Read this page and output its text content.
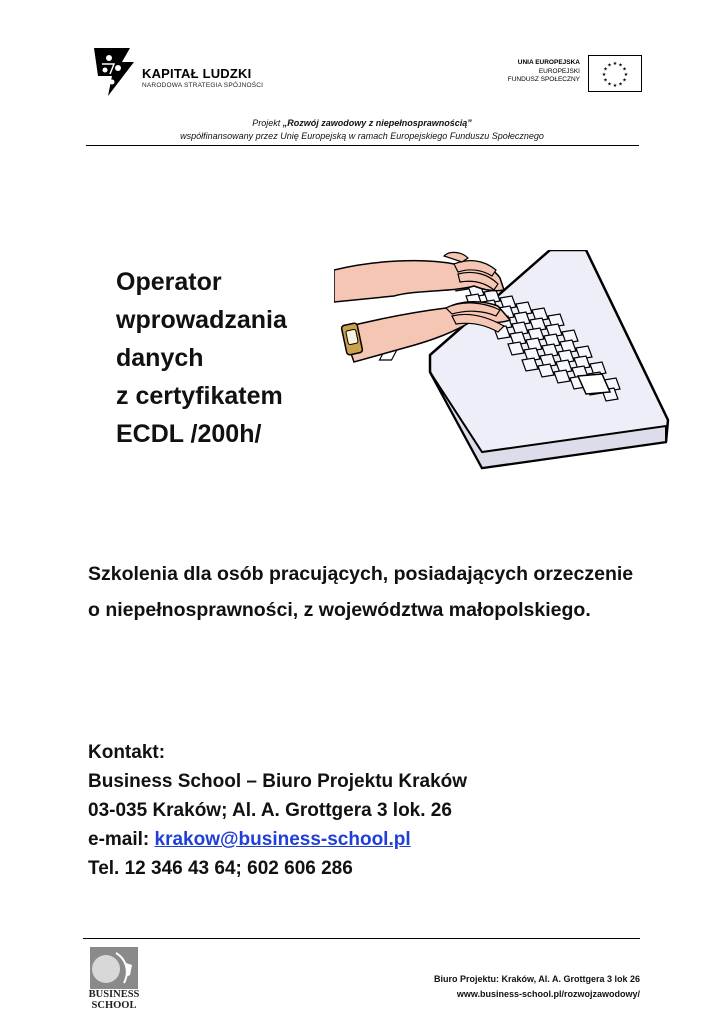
KAPITAŁ LUDZKI
NARODOWA STRATEGIA SPÓJNOŚCI
UNIA EUROPEJSKA
EUROPEJSKI
FUNDUSZ SPOŁECZNY
★ ★
★
★
★
★
★
★
★
★
★
★
Projekt „Rozwój zawodowy z niepełnosprawnością”
współfinansowany przez Unię Europejską w ramach Europejskiego Funduszu Społecznego
Operator
wprowadzania
danych
z certyfikatem
ECDL /200h/
Szkolenia dla osób pracujących, posiadających orzeczenie o niepełnosprawności, z województwa małopolskiego.
Kontakt:
Business School – Biuro Projektu Kraków
03-035 Kraków; Al. A. Grottgera 3 lok. 26
e-mail: krakow@business-school.pl
Tel. 12 346 43 64; 602 606 286
BUSINESS
SCHOOL
Biuro Projektu: Kraków, Al. A. Grottgera 3 lok 26
www.business-school.pl/rozwojzawodowy/
